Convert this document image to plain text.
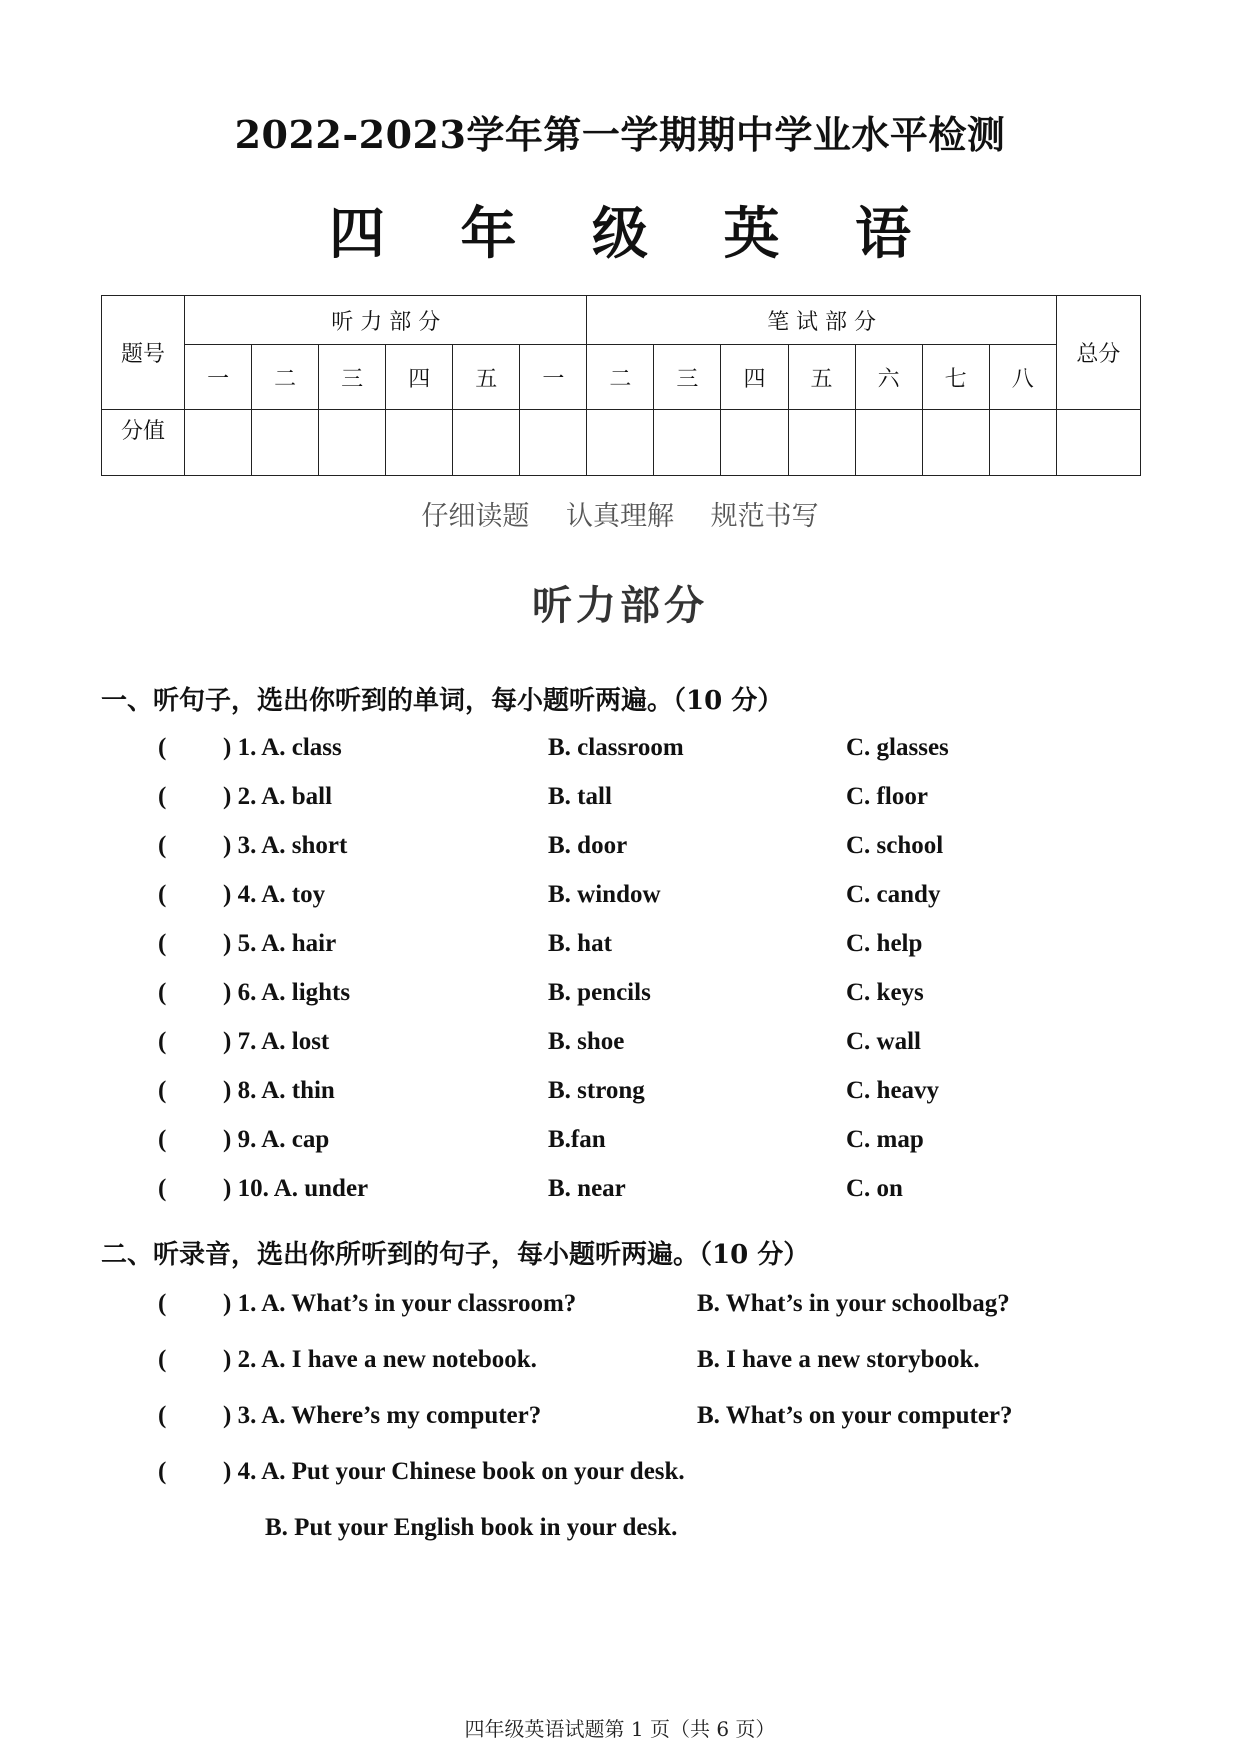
2022-2023学年第一学期期中学业水平检测
四 年 级 英 语
题号	听 力 部 分						笔 试 部 分							总分
	一	二	三	四	五	一	二	三	四	五	六	七	八	
分值														
仔细读题 认真理解 规范书写
听力部分
一、听句子，选出你听到的单词，每小题听两遍。（10 分）
( ) 1. A. class	B. classroom	C. glasses
( ) 2. A. ball	B. tall	C. floor
( ) 3. A. short	B. door	C. school
( ) 4. A. toy	B. window	C. candy
( ) 5. A. hair	B. hat	C. help
( ) 6. A. lights	B. pencils	C. keys
( ) 7. A. lost	B. shoe	C. wall
( ) 8. A. thin	B. strong	C. heavy
( ) 9. A. cap	B.fan	C. map
( ) 10. A. under	B. near	C. on
二、听录音，选出你所听到的句子，每小题听两遍。（10 分）
( ) 1. A. What’s in your classroom?	B. What’s in your schoolbag?
( ) 2. A. I have a new notebook.	B. I have a new storybook.
( ) 3. A. Where’s my computer?	B. What’s on your computer?
( ) 4. A. Put your Chinese book on your desk.
B. Put your English book in your desk.
四年级英语试题第 1 页（共 6 页）
